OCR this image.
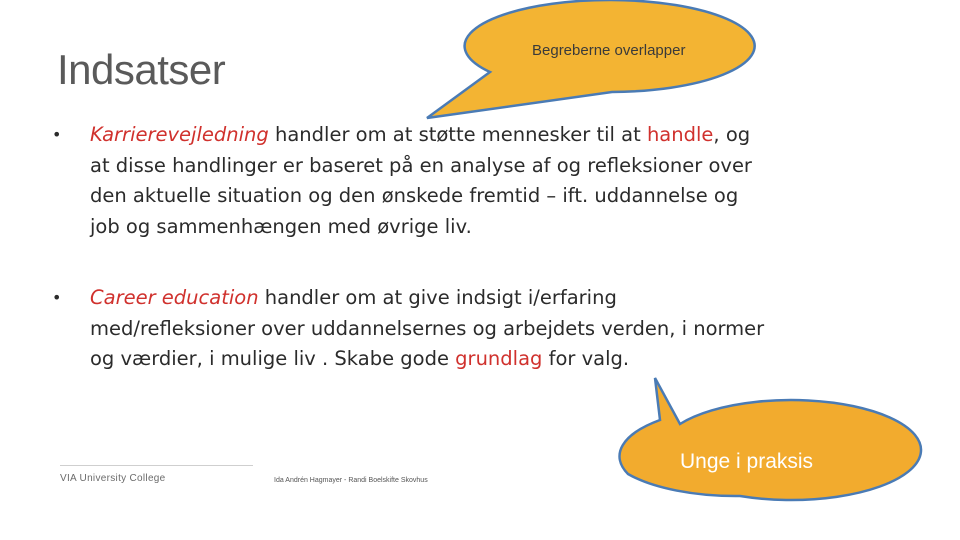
Indsatser
• Karrierevejledning handler om at støtte mennesker til at handle, og at disse handlinger er baseret på en analyse af og refleksioner over den aktuelle situation og den ønskede fremtid – ift. uddannelse og job og sammenhængen med øvrige liv.
• Career education handler om at give indsigt i/erfaring med/refleksioner over uddannelsernes og arbejdets verden, i normer og værdier, i mulige liv . Skabe gode grundlag for valg.
Begreberne overlapper
Unge i praksis
VIA University College	Ida Andrén Hagmayer - Randi Boelskifte Skovhus
